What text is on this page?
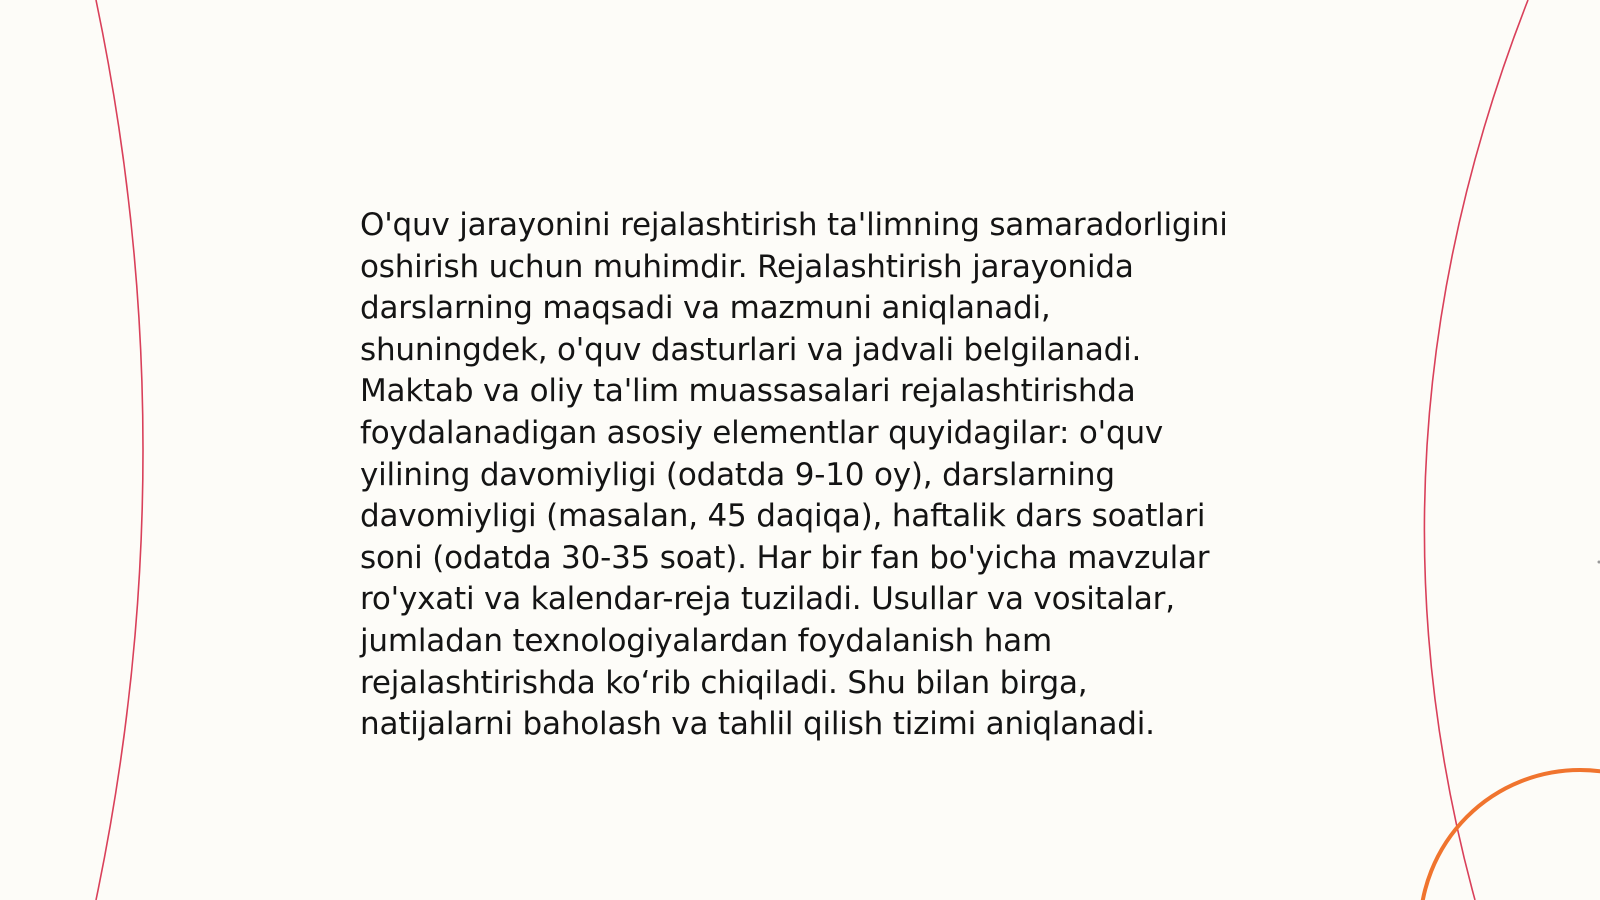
O'quv jarayonini rejalashtirish ta'limning samaradorligini oshirish uchun muhimdir. Rejalashtirish jarayonida darslarning maqsadi va mazmuni aniqlanadi, shuningdek, o'quv dasturlari va jadvali belgilanadi. Maktab va oliy ta'lim muassasalari rejalashtirishda foydalanadigan asosiy elementlar quyidagilar: o'quv yilining davomiyligi (odatda 9-10 oy), darslarning davomiyligi (masalan, 45 daqiqa), haftalik dars soatlari soni (odatda 30-35 soat). Har bir fan bo'yicha mavzular ro'yxati va kalendar-reja tuziladi. Usullar va vositalar, jumladan texnologiyalardan foydalanish ham rejalashtirishda ko‘rib chiqiladi. Shu bilan birga, natijalarni baholash va tahlil qilish tizimi aniqlanadi.
